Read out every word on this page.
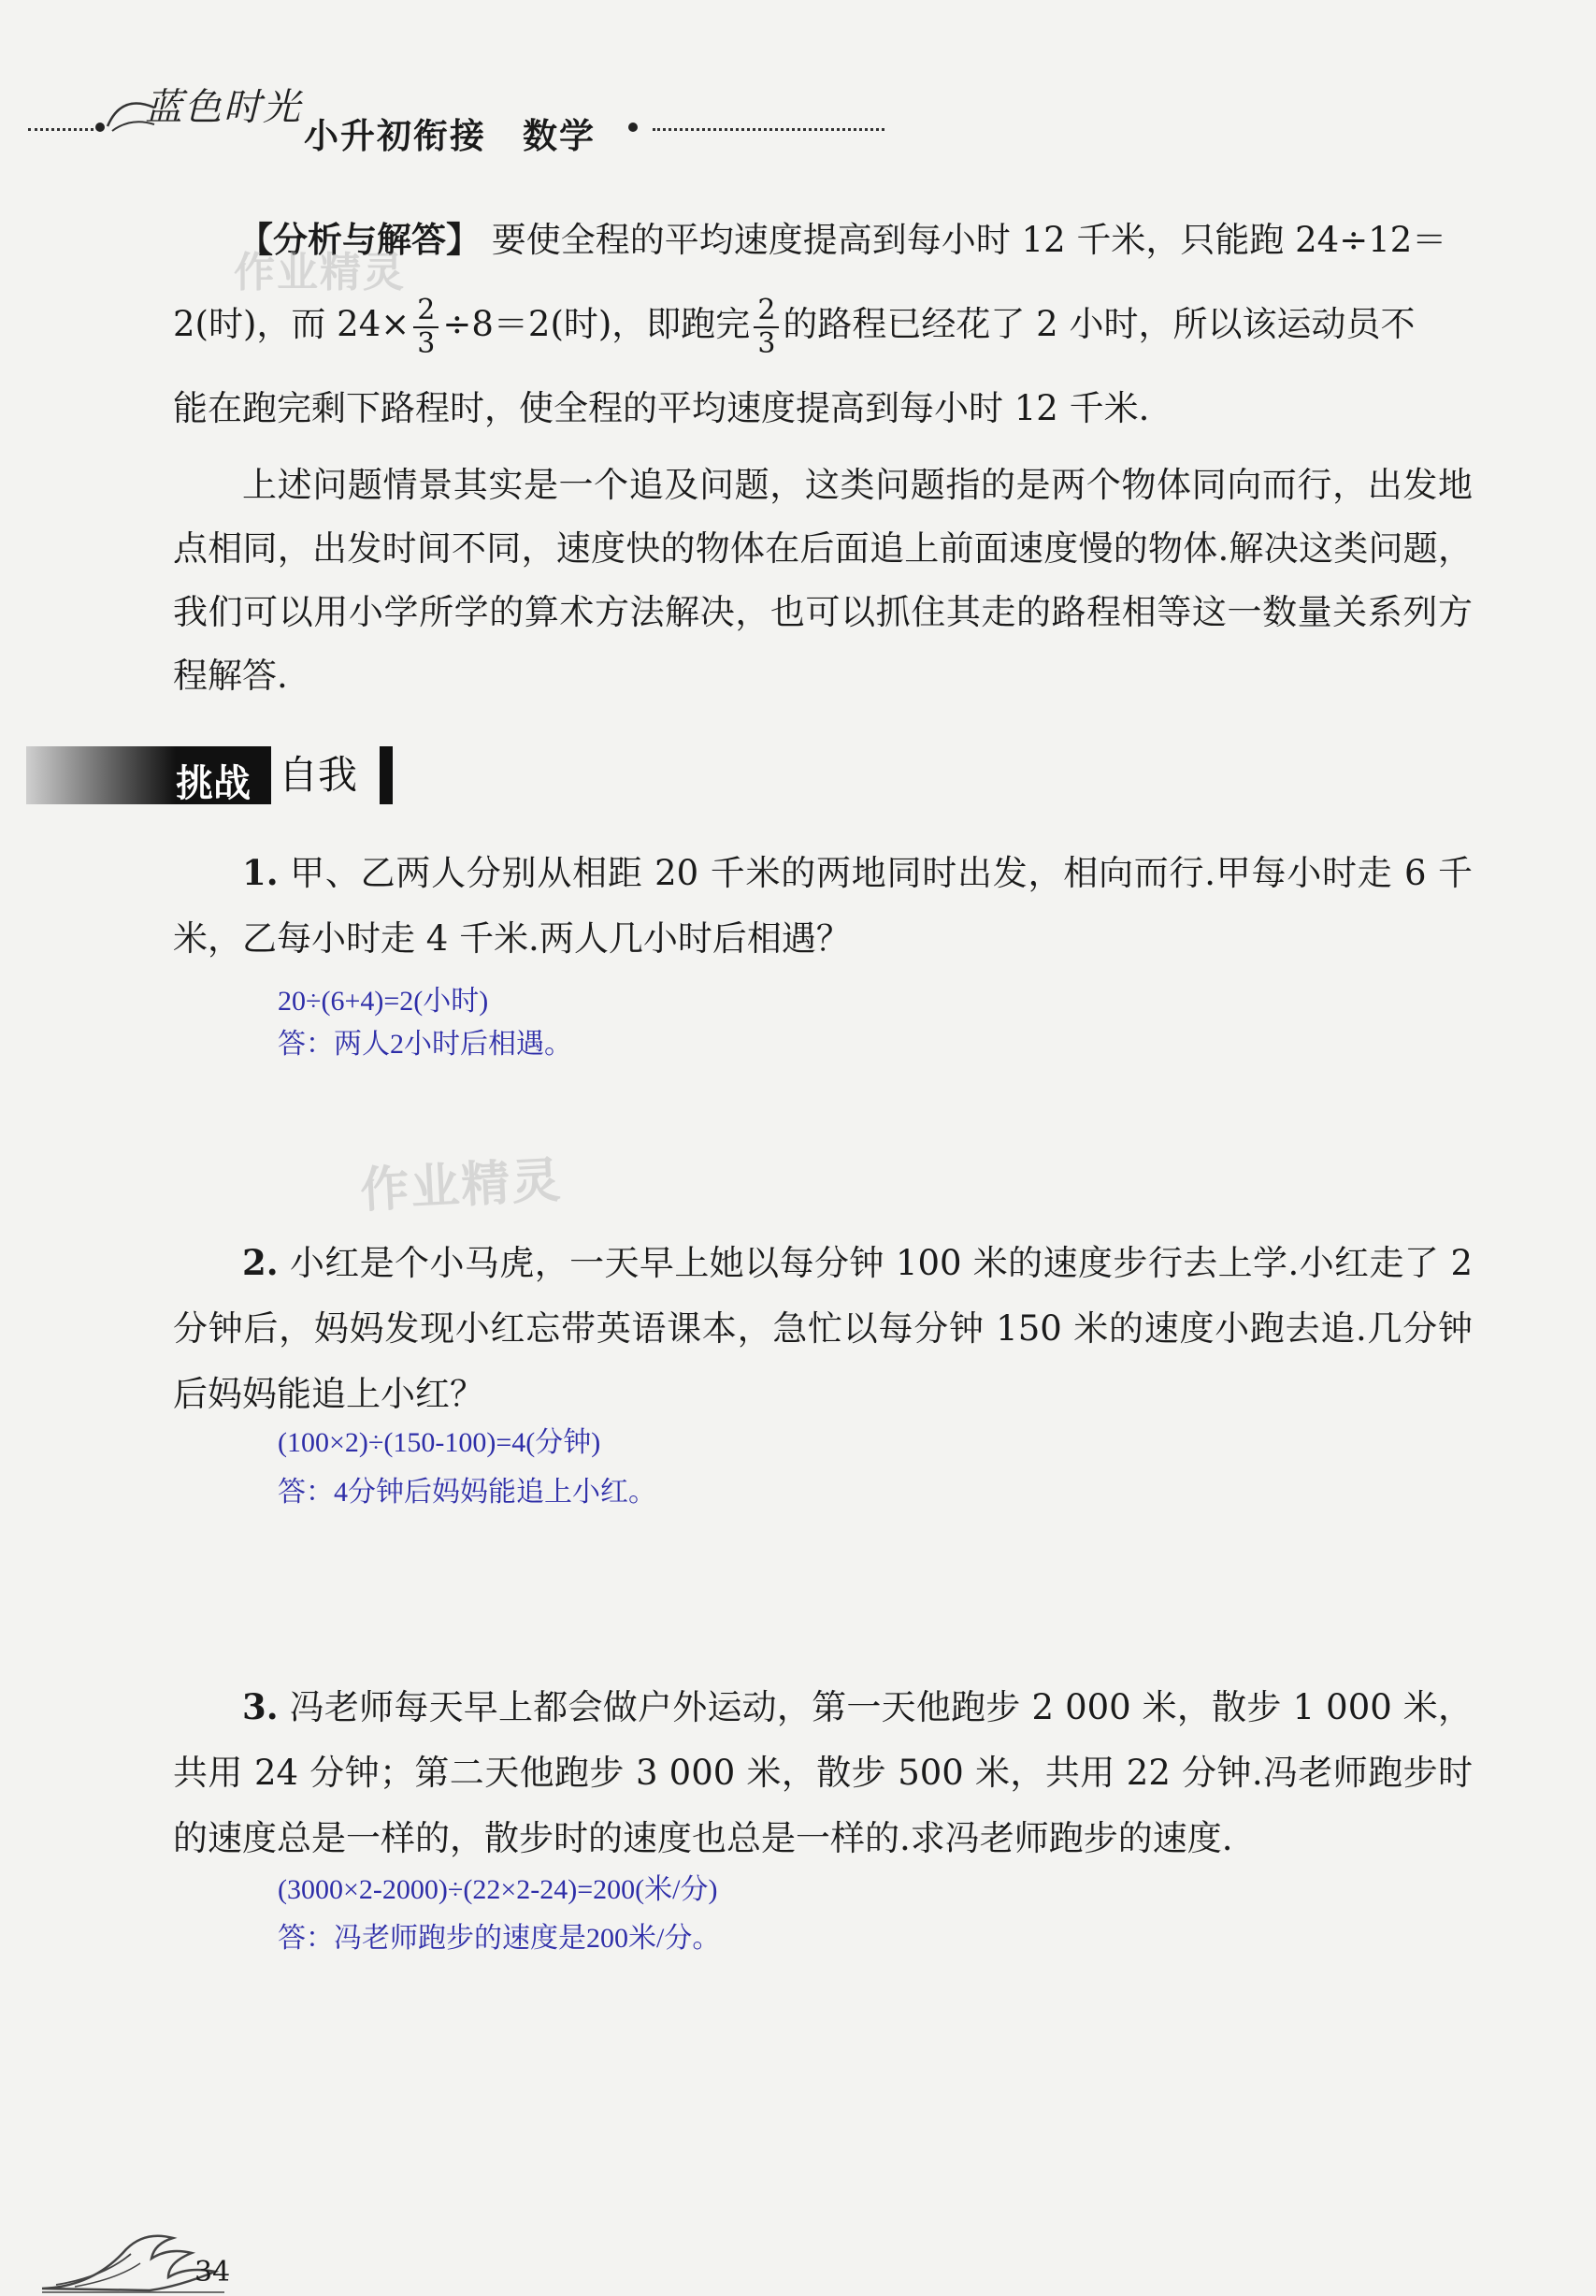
蓝色时光
小升初衔接　数学
【分析与解答】 要使全程的平均速度提高到每小时 12 千米，只能跑 24÷12＝
2(时)，而 $24\times \frac{2}{3} \div 8=2$(时)，即跑完 $\frac{2}{3}$ 的路程已经花了 2 小时，所以该运动员不
能在跑完剩下路程时，使全程的平均速度提高到每小时 12 千米.
上述问题情景其实是一个追及问题，这类问题指的是两个物体同向而行，出发地点相同，出发时间不同，速度快的物体在后面追上前面速度慢的物体.解决这类问题，我们可以用小学所学的算术方法解决，也可以抓住其走的路程相等这一数量关系列方程解答.
作业精灵
作业精灵
挑战 自我
1. 甲、乙两人分别从相距 20 千米的两地同时出发，相向而行.甲每小时走 6 千米，乙每小时走 4 千米.两人几小时后相遇？
20÷(6+4)=2(小时)
答：两人2小时后相遇。
2. 小红是个小马虎，一天早上她以每分钟 100 米的速度步行去上学.小红走了 2 分钟后，妈妈发现小红忘带英语课本，急忙以每分钟 150 米的速度小跑去追.几分钟后妈妈能追上小红？
(100×2)÷(150-100)=4(分钟)
答：4分钟后妈妈能追上小红。
3. 冯老师每天早上都会做户外运动，第一天他跑步 2 000 米，散步 1 000 米，共用 24 分钟；第二天他跑步 3 000 米，散步 500 米，共用 22 分钟.冯老师跑步时的速度总是一样的，散步时的速度也总是一样的.求冯老师跑步的速度.
(3000×2-2000)÷(22×2-24)=200(米/分)
答：冯老师跑步的速度是200米/分。
34
